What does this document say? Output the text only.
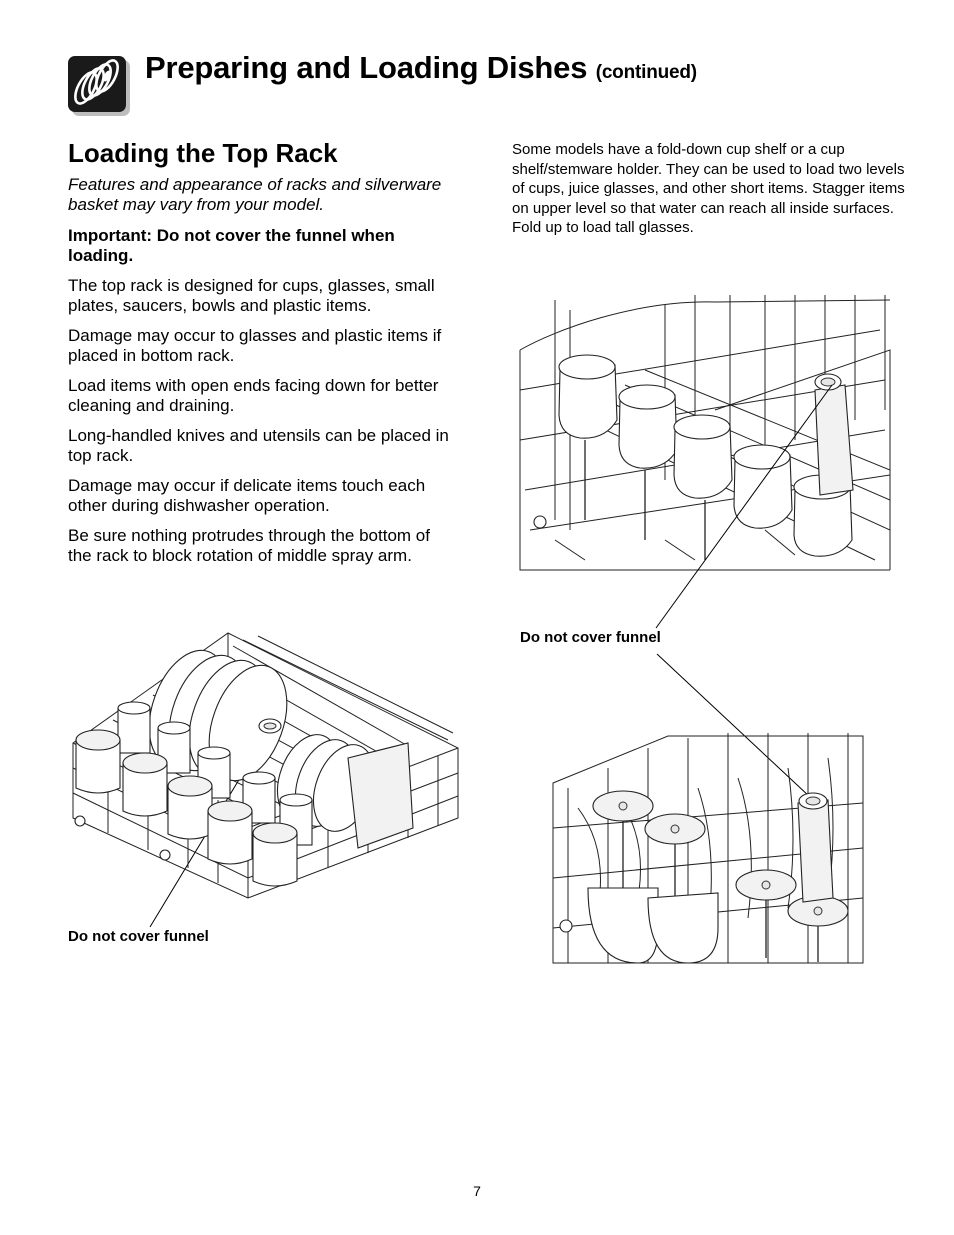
Preparing and Loading Dishes (continued)
Loading the Top Rack

Features and appearance of racks and silverware basket may vary from your model.

Important: Do not cover the funnel when loading.

The top rack is designed for cups, glasses, small plates, saucers, bowls and plastic items.

Damage may occur to glasses and plastic items if placed in bottom rack.

Load items with open ends facing down for better cleaning and draining.

Long-handled knives and utensils can be placed in top rack.

Damage may occur if delicate items touch each other during dishwasher operation.

Be sure nothing protrudes through the bottom of the rack to block rotation of middle spray arm.

Some models have a fold-down cup shelf or a cup shelf/stemware holder. They can be used to load two levels of cups, juice glasses, and other short items. Stagger items on upper level so that water can reach all inside surfaces. Fold up to load tall glasses.

Do not cover funnel
Do not cover funnel
7
